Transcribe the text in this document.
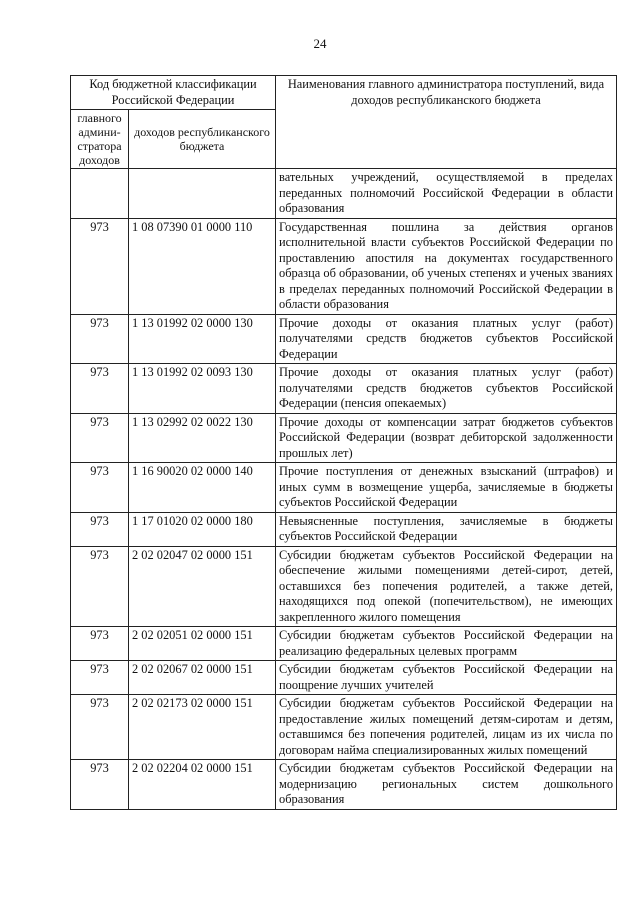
24
Код бюджетной классификации Российской Федерации		Наименования главного администратора поступлений, вида доходов республиканского бюджета
главного админи-стратора доходов	доходов республиканского бюджета	
		вательных учреждений, осуществляемой в пределах переданных полномочий Российской Федерации в области образования
973	1 08 07390 01 0000 110	Государственная пошлина за действия органов исполнительной власти субъектов Российской Федерации по проставлению апостиля на документах государственного образца об образовании, об ученых степенях и ученых званиях в пределах переданных полномочий Российской Федерации в области образования
973	1 13 01992 02 0000 130	Прочие доходы от оказания платных услуг (работ) получателями средств бюджетов субъектов Российской Федерации
973	1 13 01992 02 0093 130	Прочие доходы от оказания платных услуг (работ) получателями средств бюджетов субъектов Российской Федерации (пенсия опекаемых)
973	1 13 02992 02 0022 130	Прочие доходы от компенсации затрат бюджетов субъектов Российской Федерации (возврат дебиторской задолженности прошлых лет)
973	1 16 90020 02 0000 140	Прочие поступления от денежных взысканий (штрафов) и иных сумм в возмещение ущерба, зачисляемые в бюджеты субъектов Российской Федерации
973	1 17 01020 02 0000 180	Невыясненные поступления, зачисляемые в бюджеты субъектов Российской Федерации
973	2 02 02047 02 0000 151	Субсидии бюджетам субъектов Российской Федерации на обеспечение жилыми помещениями детей-сирот, детей, оставшихся без попечения родителей, а также детей, находящихся под опекой (попечительством), не имеющих закрепленного жилого помещения
973	2 02 02051 02 0000 151	Субсидии бюджетам субъектов Российской Федерации на реализацию федеральных целевых программ
973	2 02 02067 02 0000 151	Субсидии бюджетам субъектов Российской Федерации на поощрение лучших учителей
973	2 02 02173 02 0000 151	Субсидии бюджетам субъектов Российской Федерации на предоставление жилых помещений детям-сиротам и детям, оставшимся без попечения родителей, лицам из их числа по договорам найма специализированных жилых помещений
973	2 02 02204 02 0000 151	Субсидии бюджетам субъектов Российской Федерации на модернизацию региональных систем дошкольного образования
